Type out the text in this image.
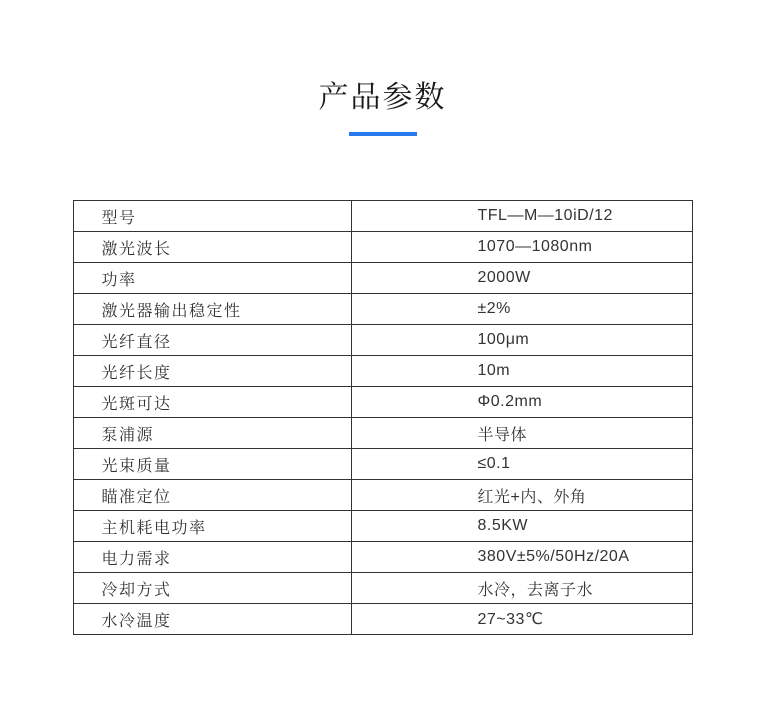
产品参数
型号	TFL—M—10iD/12
激光波长	1070—1080nm
功率	2000W
激光器输出稳定性	±2%
光纤直径	100μm
光纤长度	10m
光斑可达	Φ0.2mm
泵浦源	半导体
光束质量	≤0.1
瞄准定位	红光+内、外角
主机耗电功率	8.5KW
电力需求	380V±5%/50Hz/20A
冷却方式	水冷，去离子水
水冷温度	27~33℃
